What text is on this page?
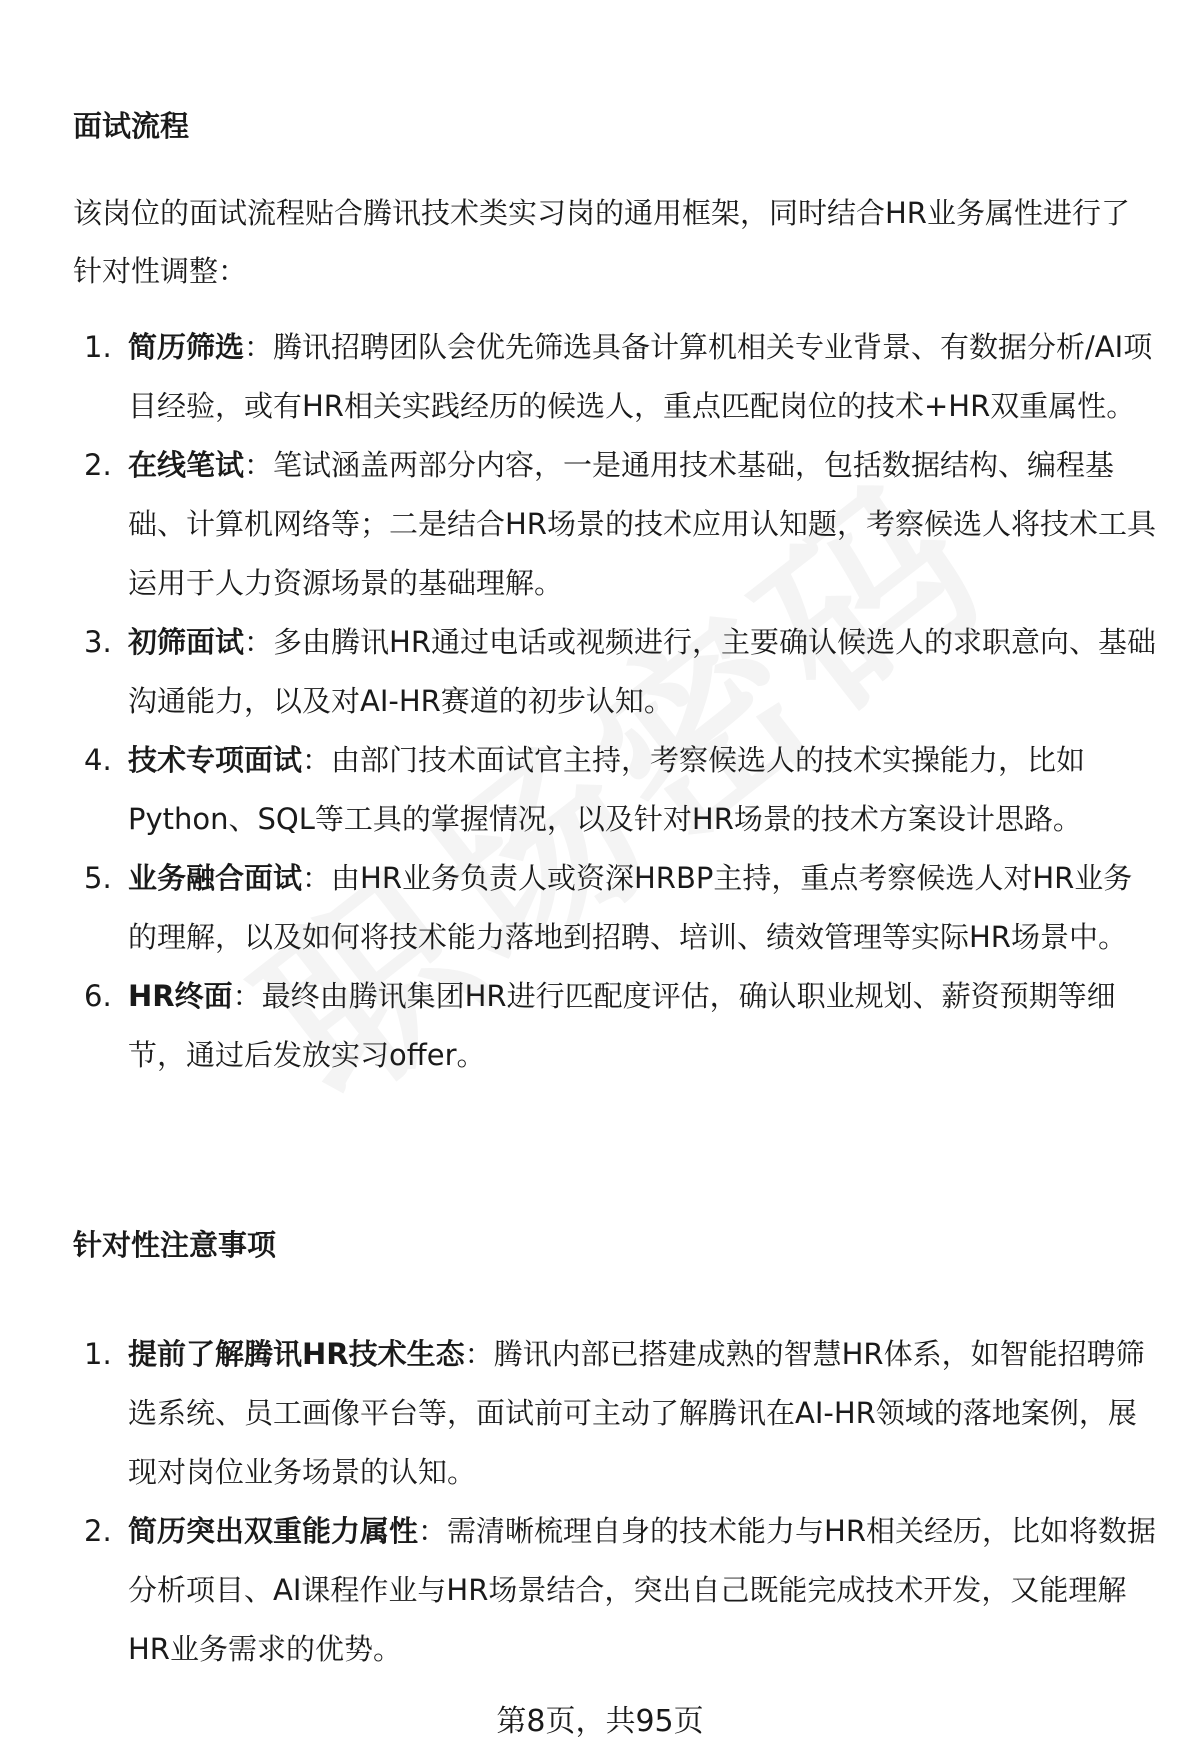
面试流程

该岗位的面试流程贴合腾讯技术类实习岗的通用框架，同时结合HR业务属性进行了针对性调整：

1. 简历筛选：腾讯招聘团队会优先筛选具备计算机相关专业背景、有数据分析/AI项目经验，或有HR相关实践经历的候选人，重点匹配岗位的技术+HR双重属性。
2. 在线笔试：笔试涵盖两部分内容，一是通用技术基础，包括数据结构、编程基础、计算机网络等；二是结合HR场景的技术应用认知题，考察候选人将技术工具运用于人力资源场景的基础理解。
3. 初筛面试：多由腾讯HR通过电话或视频进行，主要确认候选人的求职意向、基础沟通能力，以及对AI-HR赛道的初步认知。
4. 技术专项面试：由部门技术面试官主持，考察候选人的技术实操能力，比如Python、SQL等工具的掌握情况，以及针对HR场景的技术方案设计思路。
5. 业务融合面试：由HR业务负责人或资深HRBP主持，重点考察候选人对HR业务的理解，以及如何将技术能力落地到招聘、培训、绩效管理等实际HR场景中。
6. HR终面：最终由腾讯集团HR进行匹配度评估，确认职业规划、薪资预期等细节，通过后发放实习offer。
针对性注意事项
1. 提前了解腾讯HR技术生态：腾讯内部已搭建成熟的智慧HR体系，如智能招聘筛选系统、员工画像平台等，面试前可主动了解腾讯在AI-HR领域的落地案例，展现对岗位业务场景的认知。
2. 简历突出双重能力属性：需清晰梳理自身的技术能力与HR相关经历，比如将数据分析项目、AI课程作业与HR场景结合，突出自己既能完成技术开发，又能理解HR业务需求的优势。
第8页，共95页
